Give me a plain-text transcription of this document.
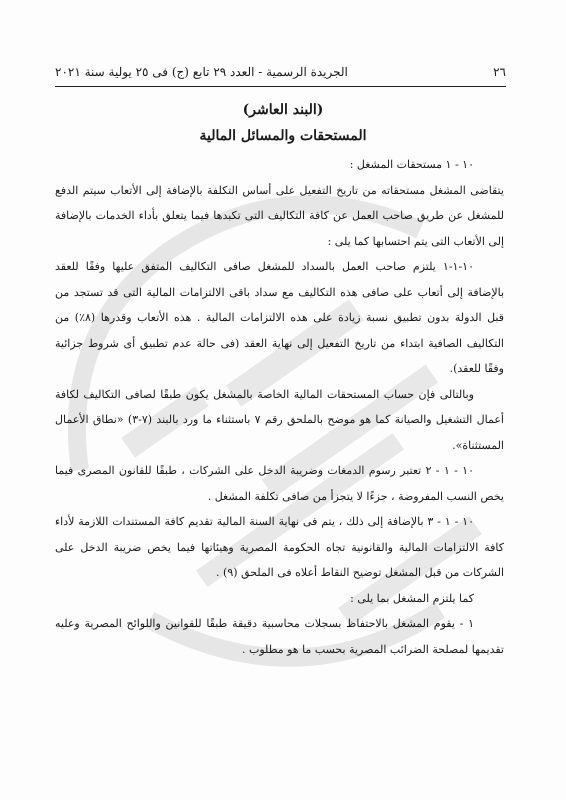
٢٦
الجريدة الرسمية - العدد ٢٩ تابع (ج) فى ٢٥ يولية سنة ٢٠٢١
(البند العاشر)
المستحقات والمسائل المالية

١٠ - ١ مستحقات المشغل :

يتقاضى المشغل مستحقاته من تاريخ التفعيل على أساس التكلفة بالإضافة إلى الأتعاب سيتم الدفع للمشغل عن طريق صاحب العمل عن كافة التكاليف التى تكبدها فيما يتعلق بأداء الخدمات بالإضافة إلى الأتعاب التى يتم احتسابها كما يلى :

١٠-١-١ يلتزم صاحب العمل بالسداد للمشغل صافى التكاليف المتفق عليها وفقًا للعقد بالإضافة إلى أتعاب على صافى هذه التكاليف مع سداد باقى الالتزامات المالية التى قد تستجد من قبل الدولة بدون تطبيق نسبة زيادة على هذه الالتزامات المالية . هذه الأتعاب وقدرها (٨٪) من التكاليف الصافية ابتداء من تاريخ التفعيل إلى نهاية العقد (فى حالة عدم تطبيق أى شروط جزائية وفقًا للعقد).

وبالتالى فإن حساب المستحقات المالية الخاصة بالمشغل يكون طبقًا لصافى التكاليف لكافة أعمال التشغيل والصيانة كما هو موضح بالملحق رقم ٧ باستثناء ما ورد بالبند (٧-٣) «نطاق الأعمال المستثناة».

١٠ - ١ - ٢ تعتبر رسوم الدمغات وضريبة الدخل على الشركات ، طبقًا للقانون المصرى فيما يخص النسب المفروضة ، جزءًا لا يتجزأ من صافى تكلفة المشغل .

١٠ - ١ - ٣ بالإضافة إلى ذلك ، يتم فى نهاية السنة المالية تقديم كافة المستندات اللازمة لأداء كافة الالتزامات المالية والقانونية تجاه الحكومة المصرية وهيئاتها فيما يخص ضريبة الدخل على الشركات من قبل المشغل توضيح النقاط أعلاه فى الملحق (٩) .

كما يلتزم المشغل بما يلى :

١ - يقوم المشغل بالاحتفاظ بسجلات محاسبية دقيقة طبقًا للقوانين واللوائح المصرية وعليه تقديمها لمصلحة الضرائب المصرية بحسب ما هو مطلوب .
